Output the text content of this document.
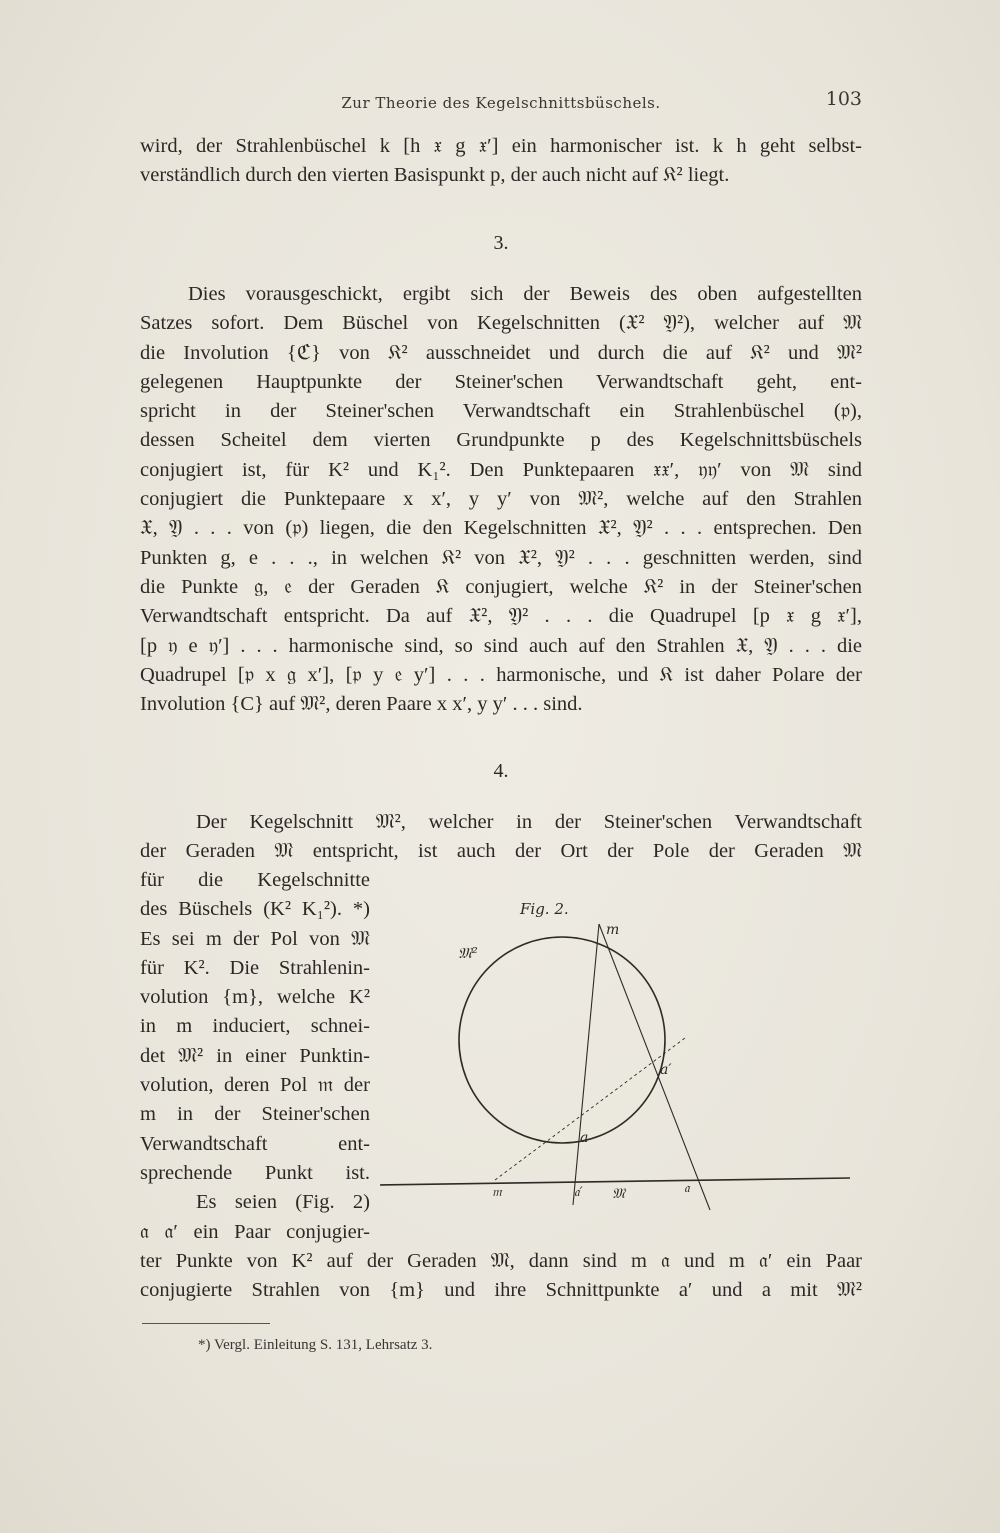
Zur Theorie des Kegelschnittsbüschels.	103
wird, der Strahlenbüschel k [h 𝔵 g 𝔵′] ein harmonischer ist. k h geht selbst-
verständlich durch den vierten Basispunkt p, der auch nicht auf 𝔎² liegt.
3.
Dies vorausgeschickt, ergibt sich der Beweis des oben aufgestellten
Satzes sofort. Dem Büschel von Kegelschnitten (𝔛² 𝔜²), welcher auf 𝔐
die Involution {ℭ} von 𝔎² ausschneidet und durch die auf 𝔎² und 𝔐²
gelegenen Hauptpunkte der Steiner'schen Verwandtschaft geht, ent-
spricht in der Steiner'schen Verwandtschaft ein Strahlenbüschel (𝔭),
dessen Scheitel dem vierten Grundpunkte p des Kegelschnittsbüschels
conjugiert ist, für K² und K₁². Den Punktepaaren 𝔵𝔵′, 𝔶𝔶′ von 𝔐 sind
conjugiert die Punktepaare x x′, y y′ von 𝔐², welche auf den Strahlen
𝔛, 𝔜 . . . von (𝔭) liegen, die den Kegelschnitten 𝔛², 𝔜² . . . entsprechen. Den
Punkten g, e . . ., in welchen 𝔎² von 𝔛², 𝔜² . . . geschnitten werden, sind
die Punkte 𝔤, 𝔢 der Geraden 𝔎 conjugiert, welche 𝔎² in der Steiner'schen
Verwandtschaft entspricht. Da auf 𝔛², 𝔜² . . . die Quadrupel [p 𝔵 g 𝔵′],
[p 𝔶 e 𝔶′] . . . harmonische sind, so sind auch auf den Strahlen 𝔛, 𝔜 . . . die
Quadrupel [𝔭 x 𝔤 x′], [𝔭 y 𝔢 y′] . . . harmonische, und 𝔎 ist daher Polare der
Involution {C} auf 𝔐², deren Paare x x′, y y′ . . . sind.
4.
Der Kegelschnitt 𝔐², welcher in der Steiner'schen Verwandtschaft
der Geraden 𝔐 entspricht, ist auch der Ort der Pole der Geraden 𝔐
für die Kegelschnitte
des Büschels (K² K₁²). *)
Es sei m der Pol von 𝔐
für K². Die Strahlenin-
volution {m}, welche K²
in m induciert, schnei-
det 𝔐² in einer Punktin-
volution, deren Pol 𝔪 der
m in der Steiner'schen
Verwandtschaft ent-
sprechende Punkt ist.
Es seien (Fig. 2)
𝔞 𝔞′ ein Paar conjugier-
ter Punkte von K² auf der Geraden 𝔐, dann sind m 𝔞 und m 𝔞′ ein Paar
conjugierte Strahlen von {m} und ihre Schnittpunkte a′ und a mit 𝔐²
Fig. 2.
𝔐²
m
a′
a
𝔪	𝔞′ 𝔐	𝔞
*) Vergl. Einleitung S. 131, Lehrsatz 3.
